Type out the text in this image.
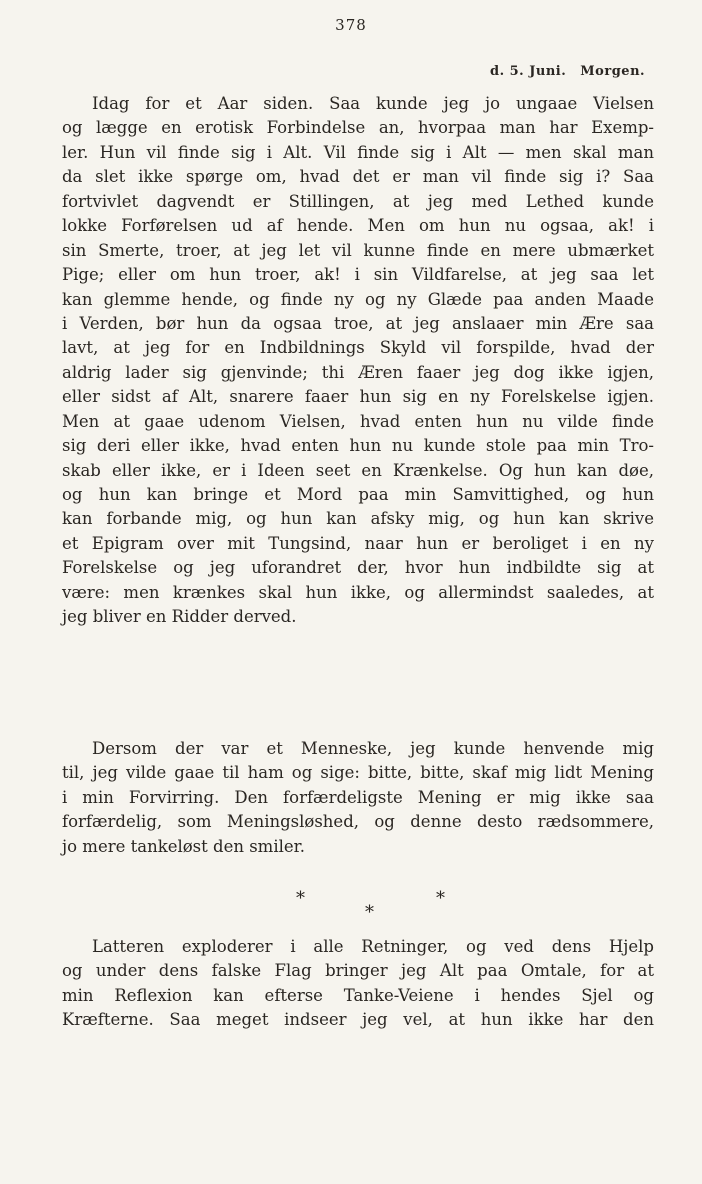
378
d. 5. Juni. Morgen.
Idag for et Aar siden. Saa kunde jeg jo ungaae Vielsen
og lægge en erotisk Forbindelse an, hvorpaa man har Exemp-
ler. Hun vil finde sig i Alt. Vil finde sig i Alt — men skal man
da slet ikke spørge om, hvad det er man vil finde sig i? Saa
fortvivlet dagvendt er Stillingen, at jeg med Lethed kunde
lokke Forførelsen ud af hende. Men om hun nu ogsaa, ak! i
sin Smerte, troer, at jeg let vil kunne finde en mere ubmærket
Pige; eller om hun troer, ak! i sin Vildfarelse, at jeg saa let
kan glemme hende, og finde ny og ny Glæde paa anden Maade
i Verden, bør hun da ogsaa troe, at jeg anslaaer min Ære saa
lavt, at jeg for en Indbildnings Skyld vil forspilde, hvad der
aldrig lader sig gjenvinde; thi Æren faaer jeg dog ikke igjen,
eller sidst af Alt, snarere faaer hun sig en ny Forelskelse igjen.
Men at gaae udenom Vielsen, hvad enten hun nu vilde finde
sig deri eller ikke, hvad enten hun nu kunde stole paa min Tro-
skab eller ikke, er i Ideen seet en Krænkelse. Og hun kan døe,
og hun kan bringe et Mord paa min Samvittighed, og hun
kan forbande mig, og hun kan afsky mig, og hun kan skrive
et Epigram over mit Tungsind, naar hun er beroliget i en ny
Forelskelse og jeg uforandret der, hvor hun indbildte sig at
være: men krænkes skal hun ikke, og allermindst saaledes, at
jeg bliver en Ridder derved.
Dersom der var et Menneske, jeg kunde henvende mig
til, jeg vilde gaae til ham og sige: bitte, bitte, skaf mig lidt Mening
i min Forvirring. Den forfærdeligste Mening er mig ikke saa
forfærdelig, som Meningsløshed, og denne desto rædsommere,
jo mere tankeløst den smiler.
*	*
*
Latteren exploderer i alle Retninger, og ved dens Hjelp
og under dens falske Flag bringer jeg Alt paa Omtale, for at
min Reflexion kan efterse Tanke-Veiene i hendes Sjel og
Kræfterne. Saa meget indseer jeg vel, at hun ikke har den
